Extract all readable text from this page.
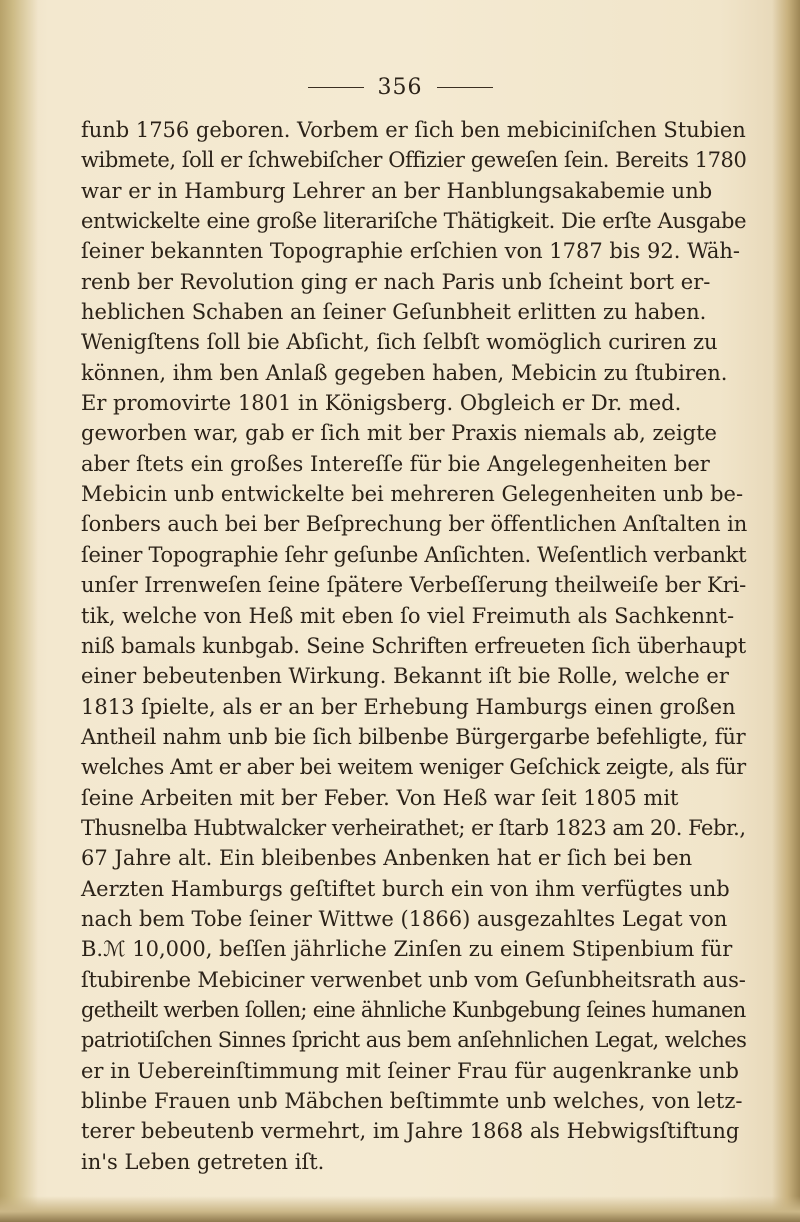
356
funb 1756 geboren. Vorbem er ſich ben mebiciniſchen Stubien
wibmete, ſoll er ſchwebiſcher Offizier geweſen ſein. Bereits 1780
war er in Hamburg Lehrer an ber Hanblungsakabemie unb
entwickelte eine große literariſche Thätigkeit. Die erſte Ausgabe
ſeiner bekannten Topographie erſchien von 1787 bis 92. Wäh-
renb ber Revolution ging er nach Paris unb ſcheint bort er-
heblichen Schaben an ſeiner Geſunbheit erlitten zu haben.
Wenigſtens ſoll bie Abſicht, ſich ſelbſt womöglich curiren zu
können, ihm ben Anlaß gegeben haben, Mebicin zu ſtubiren.
Er promovirte 1801 in Königsberg. Obgleich er Dr. med.
geworben war, gab er ſich mit ber Praxis niemals ab, zeigte
aber ſtets ein großes Intereſſe für bie Angelegenheiten ber
Mebicin unb entwickelte bei mehreren Gelegenheiten unb be-
ſonbers auch bei ber Beſprechung ber öffentlichen Anſtalten in
ſeiner Topographie ſehr geſunbe Anſichten. Weſentlich verbankt
unſer Irrenweſen ſeine ſpätere Verbeſſerung theilweiſe ber Kri-
tik, welche von Heß mit eben ſo viel Freimuth als Sachkennt-
niß bamals kunbgab. Seine Schriften erfreueten ſich überhaupt
einer bebeutenben Wirkung. Bekannt iſt bie Rolle, welche er
1813 ſpielte, als er an ber Erhebung Hamburgs einen großen
Antheil nahm unb bie ſich bilbenbe Bürgergarbe befehligte, für
welches Amt er aber bei weitem weniger Geſchick zeigte, als für
ſeine Arbeiten mit ber Feber. Von Heß war ſeit 1805 mit
Thusnelba Hubtwalcker verheirathet; er ſtarb 1823 am 20. Febr.,
67 Jahre alt. Ein bleibenbes Anbenken hat er ſich bei ben
Aerzten Hamburgs geſtiftet burch ein von ihm verfügtes unb
nach bem Tobe ſeiner Wittwe (1866) ausgezahltes Legat von
B.ℳ 10,000, beſſen jährliche Zinſen zu einem Stipenbium für
ſtubirenbe Mebiciner verwenbet unb vom Geſunbheitsrath aus-
getheilt werben ſollen; eine ähnliche Kunbgebung ſeines humanen
patriotiſchen Sinnes ſpricht aus bem anſehnlichen Legat, welches
er in Uebereinſtimmung mit ſeiner Frau für augenkranke unb
blinbe Frauen unb Mäbchen beſtimmte unb welches, von letz-
terer bebeutenb vermehrt, im Jahre 1868 als Hebwigsſtiftung
in's Leben getreten iſt.
